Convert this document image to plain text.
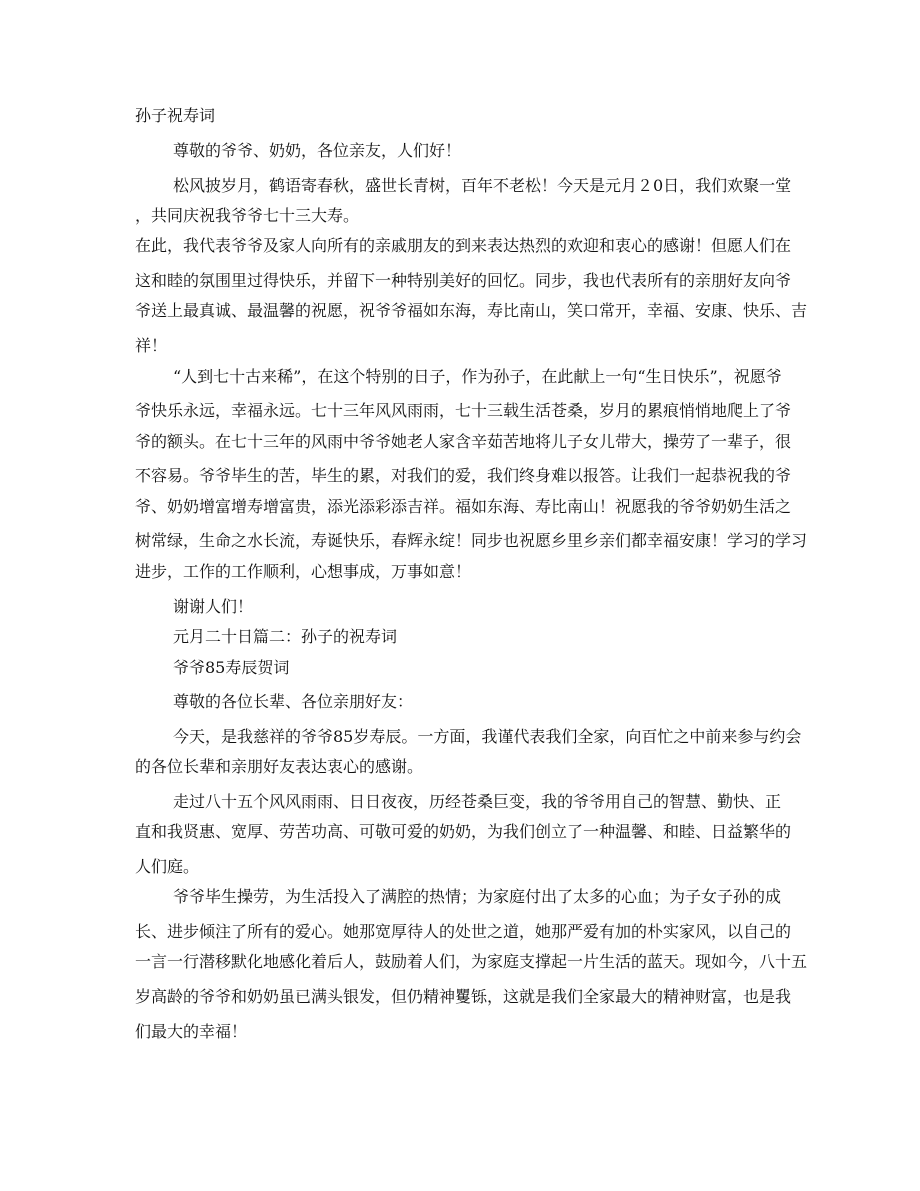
孙子祝寿词
尊敬的爷爷、奶奶，各位亲友，人们好！
松风披岁月，鹤语寄春秋，盛世长青树，百年不老松！今天是元月２0日，我们欢聚一堂
，共同庆祝我爷爷七十三大寿。
在此，我代表爷爷及家人向所有的亲戚朋友的到来表达热烈的欢迎和衷心的感谢！但愿人们在
这和睦的氛围里过得快乐，并留下一种特别美好的回忆。同步，我也代表所有的亲朋好友向爷
爷送上最真诚、最温馨的祝愿，祝爷爷福如东海，寿比南山，笑口常开，幸福、安康、快乐、吉
祥！
“人到七十古来稀”，在这个特别的日子，作为孙子，在此献上一句“生日快乐”，祝愿爷
爷快乐永远，幸福永远。七十三年风风雨雨，七十三载生活苍桑，岁月的累痕悄悄地爬上了爷
爷的额头。在七十三年的风雨中爷爷她老人家含辛茹苦地将儿子女儿带大，操劳了一辈子，很
不容易。爷爷毕生的苦，毕生的累，对我们的爱，我们终身难以报答。让我们一起恭祝我的爷
爷、奶奶增富增寿增富贵，添光添彩添吉祥。福如东海、寿比南山！祝愿我的爷爷奶奶生活之
树常绿，生命之水长流，寿诞快乐，春辉永绽！同步也祝愿乡里乡亲们都幸福安康！学习的学习
进步，工作的工作顺利，心想事成，万事如意！
谢谢人们！
元月二十日篇二：孙子的祝寿词
爷爷85寿辰贺词
尊敬的各位长辈、各位亲朋好友：
今天，是我慈祥的爷爷85岁寿辰。一方面，我谨代表我们全家，向百忙之中前来参与约会
的各位长辈和亲朋好友表达衷心的感谢。
走过八十五个风风雨雨、日日夜夜，历经苍桑巨变，我的爷爷用自己的智慧、勤快、正
直和我贤惠、宽厚、劳苦功高、可敬可爱的奶奶，为我们创立了一种温馨、和睦、日益繁华的
人们庭。
爷爷毕生操劳，为生活投入了满腔的热情；为家庭付出了太多的心血；为子女子孙的成
长、进步倾注了所有的爱心。她那宽厚待人的处世之道，她那严爱有加的朴实家风，以自己的
一言一行潜移默化地感化着后人，鼓励着人们，为家庭支撑起一片生活的蓝天。现如今，八十五
岁高龄的爷爷和奶奶虽已满头银发，但仍精神矍铄，这就是我们全家最大的精神财富，也是我
们最大的幸福！
